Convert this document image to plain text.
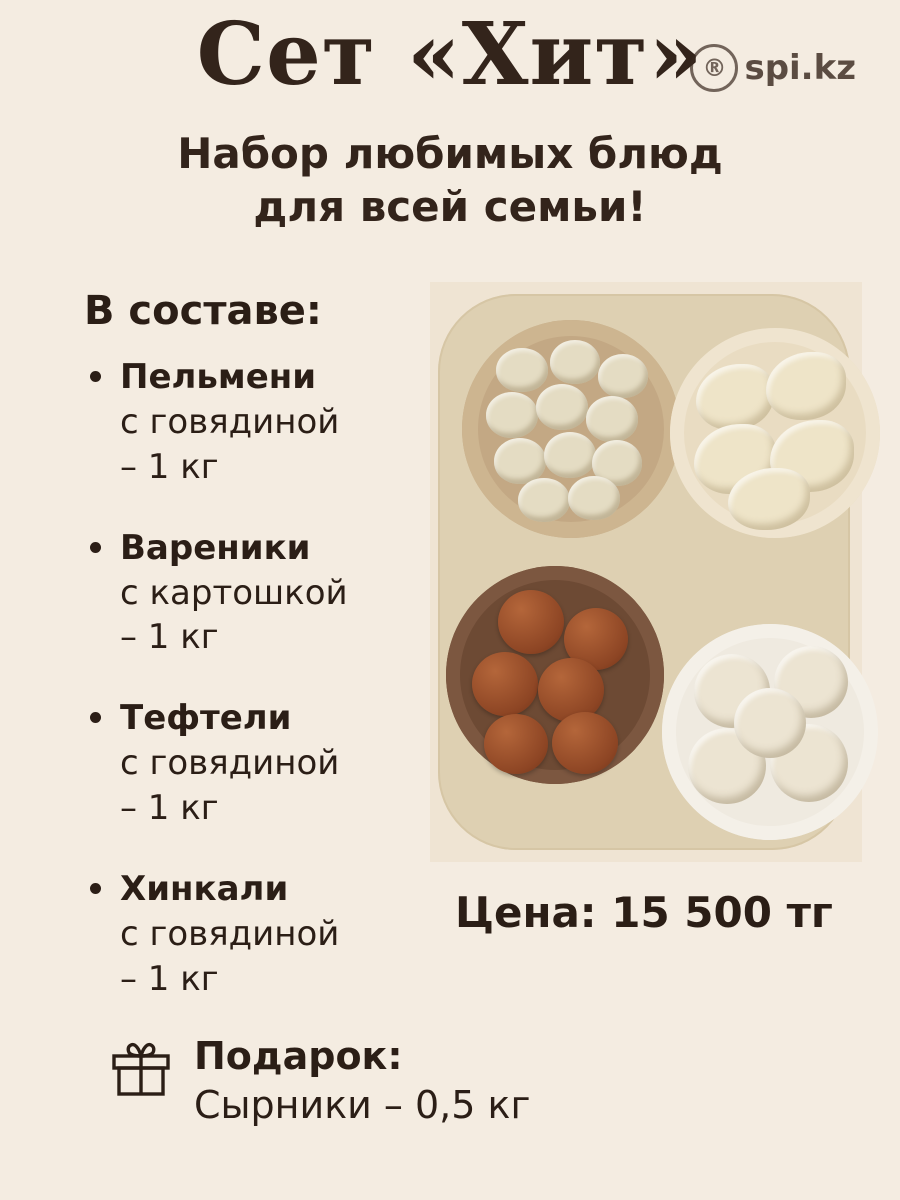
Сет «Хит» ® spi.kz
Набор любимых блюд
для всей семьи!
В составе:
Пельмени
с говядиной
– 1 кг
Вареники
с картошкой
– 1 кг
Тефтели
с говядиной
– 1 кг
Хинкали
с говядиной
– 1 кг
Цена: 15 500 тг
Подарок:
Сырники – 0,5 кг
